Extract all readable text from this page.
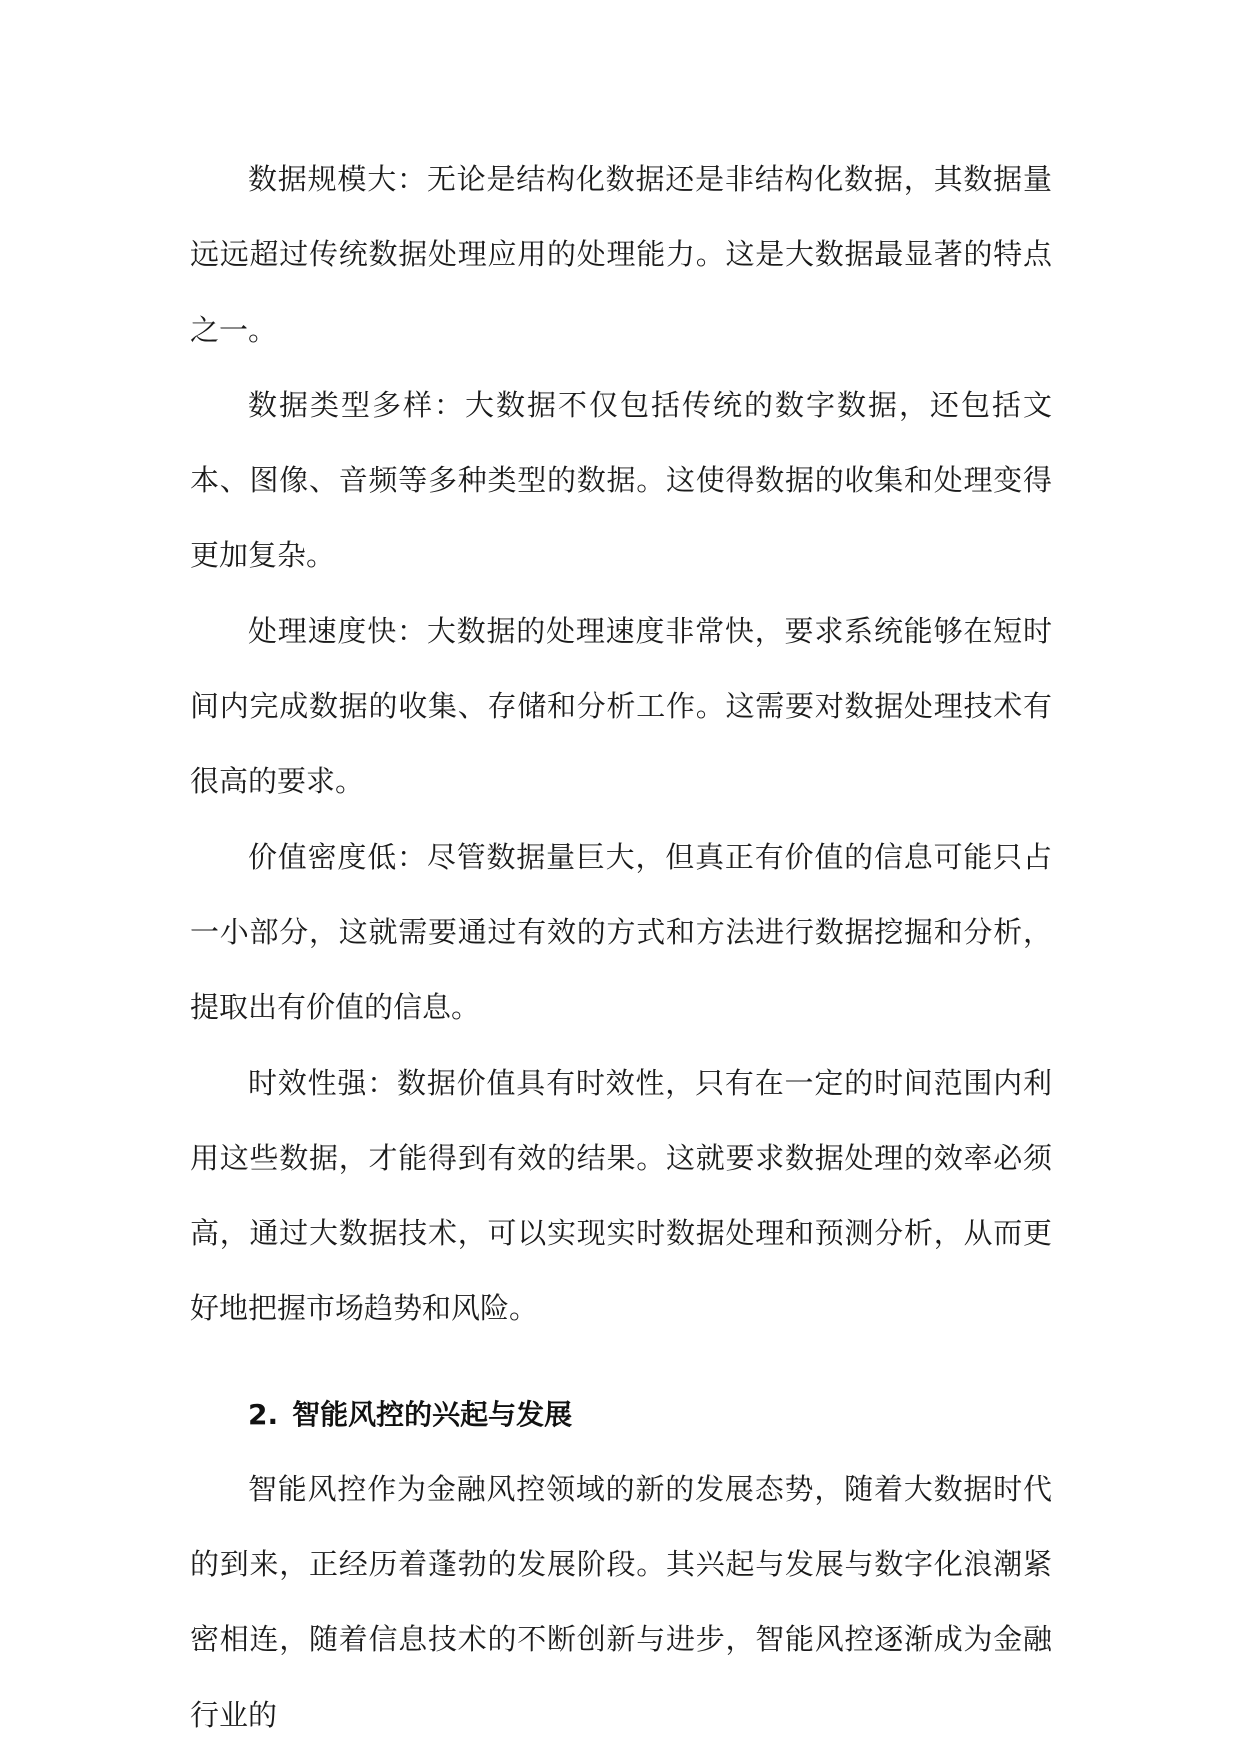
数据规模大：无论是结构化数据还是非结构化数据，其数据量远远超过传统数据处理应用的处理能力。这是大数据最显著的特点之一。

数据类型多样：大数据不仅包括传统的数字数据，还包括文本、图像、音频等多种类型的数据。这使得数据的收集和处理变得更加复杂。

处理速度快：大数据的处理速度非常快，要求系统能够在短时间内完成数据的收集、存储和分析工作。这需要对数据处理技术有很高的要求。

价值密度低：尽管数据量巨大，但真正有价值的信息可能只占一小部分，这就需要通过有效的方式和方法进行数据挖掘和分析，提取出有价值的信息。

时效性强：数据价值具有时效性，只有在一定的时间范围内利用这些数据，才能得到有效的结果。这就要求数据处理的效率必须高，通过大数据技术，可以实现实时数据处理和预测分析，从而更好地把握市场趋势和风险。

2. 智能风控的兴起与发展

智能风控作为金融风控领域的新的发展态势，随着大数据时代的到来，正经历着蓬勃的发展阶段。其兴起与发展与数字化浪潮紧密相连，随着信息技术的不断创新与进步，智能风控逐渐成为金融行业的
